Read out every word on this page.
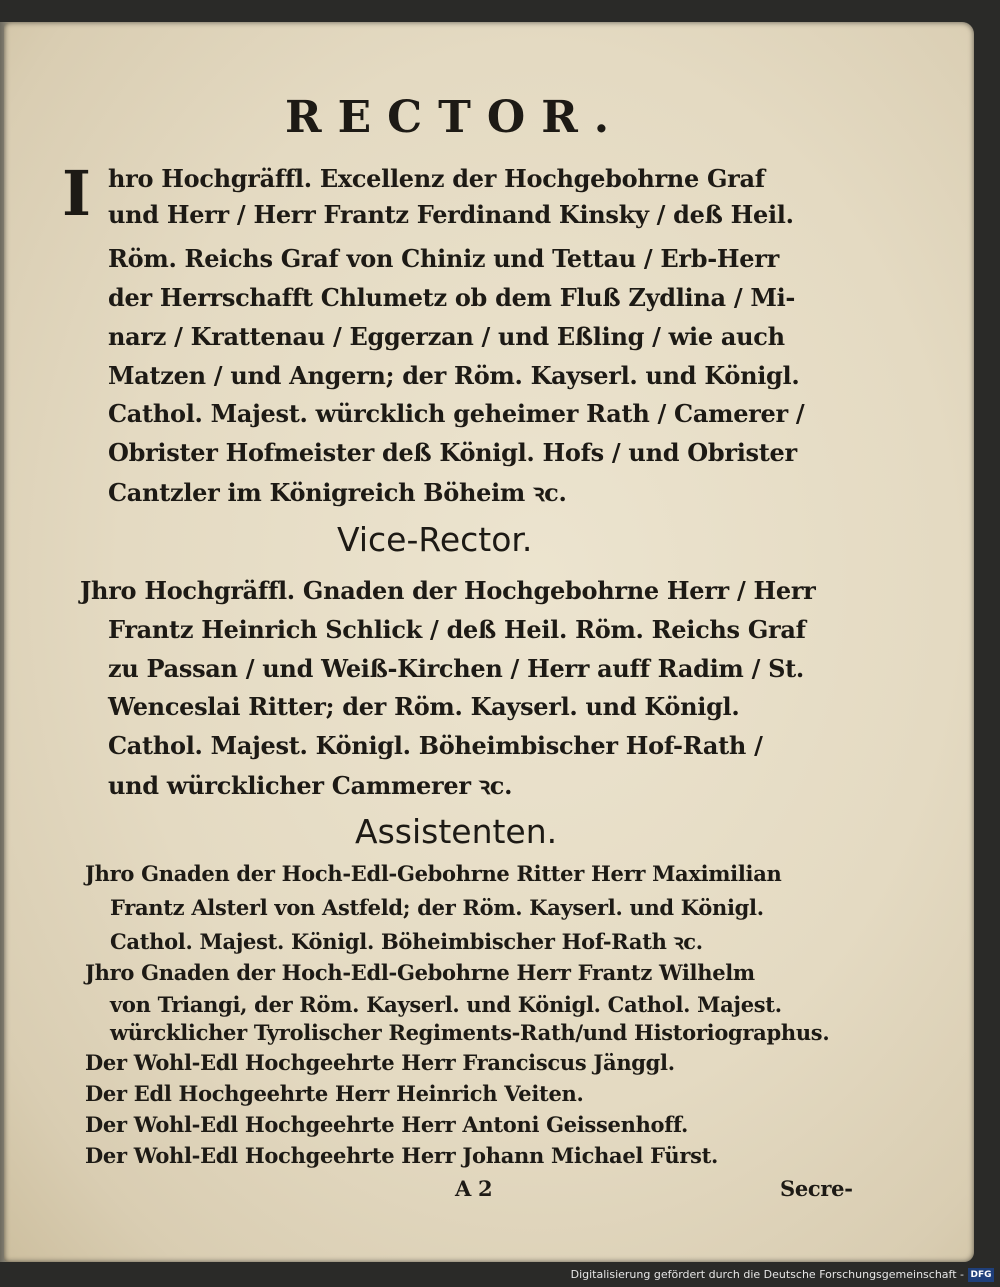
RECTOR.
I hro Hochgräffl. Excellenz der Hochgebohrne Graf
und Herr / Herr Frantz Ferdinand Kinsky / deß Heil.
Röm. Reichs Graf von Chiniz und Tettau / Erb-Herr
der Herrschafft Chlumetz ob dem Fluß Zydlina / Mi-
narz / Krattenau / Eggerzan / und Eßling / wie auch
Matzen / und Angern; der Röm. Kayserl. und Königl.
Cathol. Majest. würcklich geheimer Rath / Camerer /
Obrister Hofmeister deß Königl. Hofs / und Obrister
Cantzler im Königreich Böheim ꝛc.
Vice-Rector.
Jhro Hochgräffl. Gnaden der Hochgebohrne Herr / Herr
Frantz Heinrich Schlick / deß Heil. Röm. Reichs Graf
zu Passan / und Weiß-Kirchen / Herr auff Radim / St.
Wenceslai Ritter; der Röm. Kayserl. und Königl.
Cathol. Majest. Königl. Böheimbischer Hof-Rath /
und würcklicher Cammerer ꝛc.
Assistenten.
Jhro Gnaden der Hoch-Edl-Gebohrne Ritter Herr Maximilian
Frantz Alsterl von Astfeld; der Röm. Kayserl. und Königl.
Cathol. Majest. Königl. Böheimbischer Hof-Rath ꝛc.
Jhro Gnaden der Hoch-Edl-Gebohrne Herr Frantz Wilhelm
von Triangi, der Röm. Kayserl. und Königl. Cathol. Majest.
würcklicher Tyrolischer Regiments-Rath/und Historiographus.
Der Wohl-Edl Hochgeehrte Herr Franciscus Jänggl.
Der Edl Hochgeehrte Herr Heinrich Veiten.
Der Wohl-Edl Hochgeehrte Herr Antoni Geissenhoff.
Der Wohl-Edl Hochgeehrte Herr Johann Michael Fürst.
A 2	Secre-
Digitalisierung gefördert durch die Deutsche Forschungsgemeinschaft - DFG
